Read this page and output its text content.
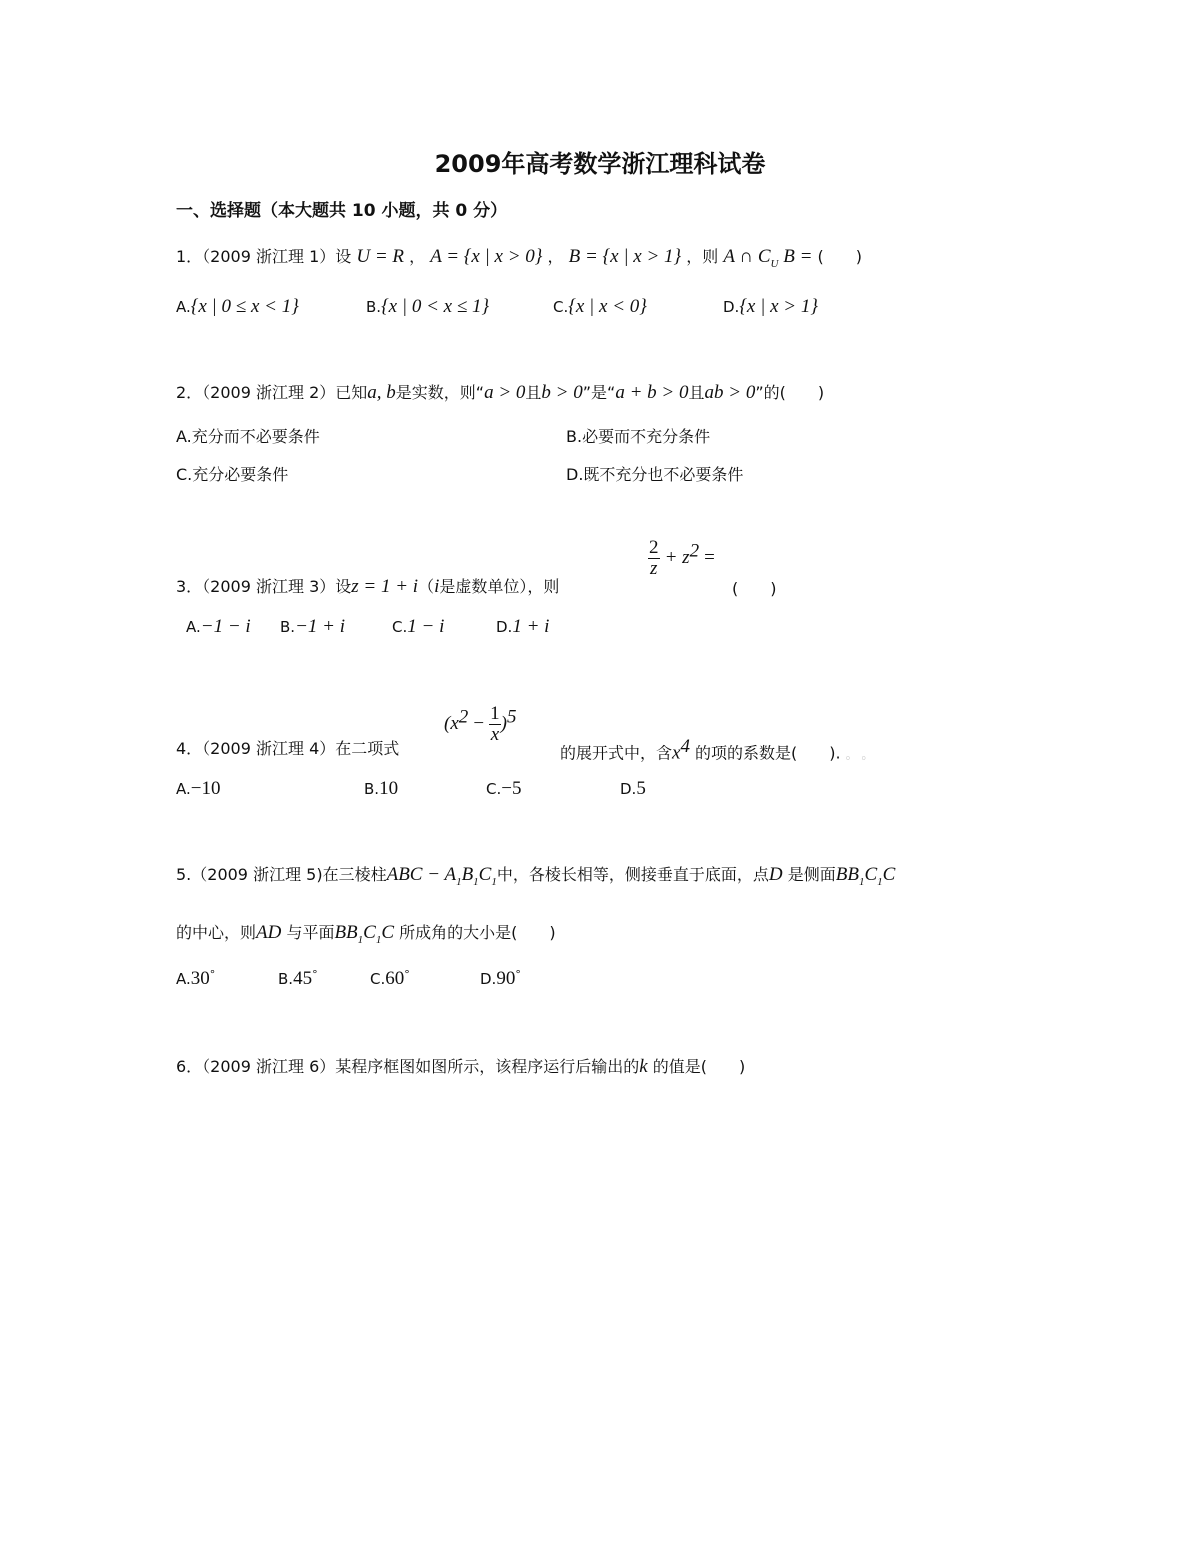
2009年高考数学浙江理科试卷
一、选择题（本大题共 10 小题，共 0 分）
1．（2009 浙江理 1）设 U = R ， A = {x | x > 0} ， B = {x | x > 1} ，则 A ∩ $C_U$ B = (　　)
A.{x | 0 ≤ x < 1}	B.{x | 0 < x ≤ 1}	C.{x | x < 0}	D.{x | x > 1}
2．（2009 浙江理 2）已知a, b是实数，则“a > 0且b > 0”是“a + b > 0且ab > 0”的(　　)
A.充分而不必要条件	B.必要而不充分条件
C.充分必要条件	D.既不充分也不必要条件
3．（2009 浙江理 3）设z = 1 + i（i是虚数单位），则
$\frac{2}{z} + z^2$ =
(　　)
A.−1 − i B.−1 + i	C.1 − i	D.1 + i
4．（2009 浙江理 4）在二项式
$(x^2 - \frac{1}{x} )^5$
的展开式中，含$x^4$ 的项的系数是(　　). 。 。
A.−10	B.10	C.−5	D.5
5.（2009 浙江理 5)在三棱柱ABC − $A_1B_1C_1$中，各棱长相等，侧接垂直于底面，点D 是侧面$BB_1C_1C$
的中心，则AD 与平面$BB_1C_1C$ 所成角的大小是(　　)
A.30°	B.45°	C.60°	D.90°
6．（2009 浙江理 6）某程序框图如图所示，该程序运行后输出的k 的值是(　　)
